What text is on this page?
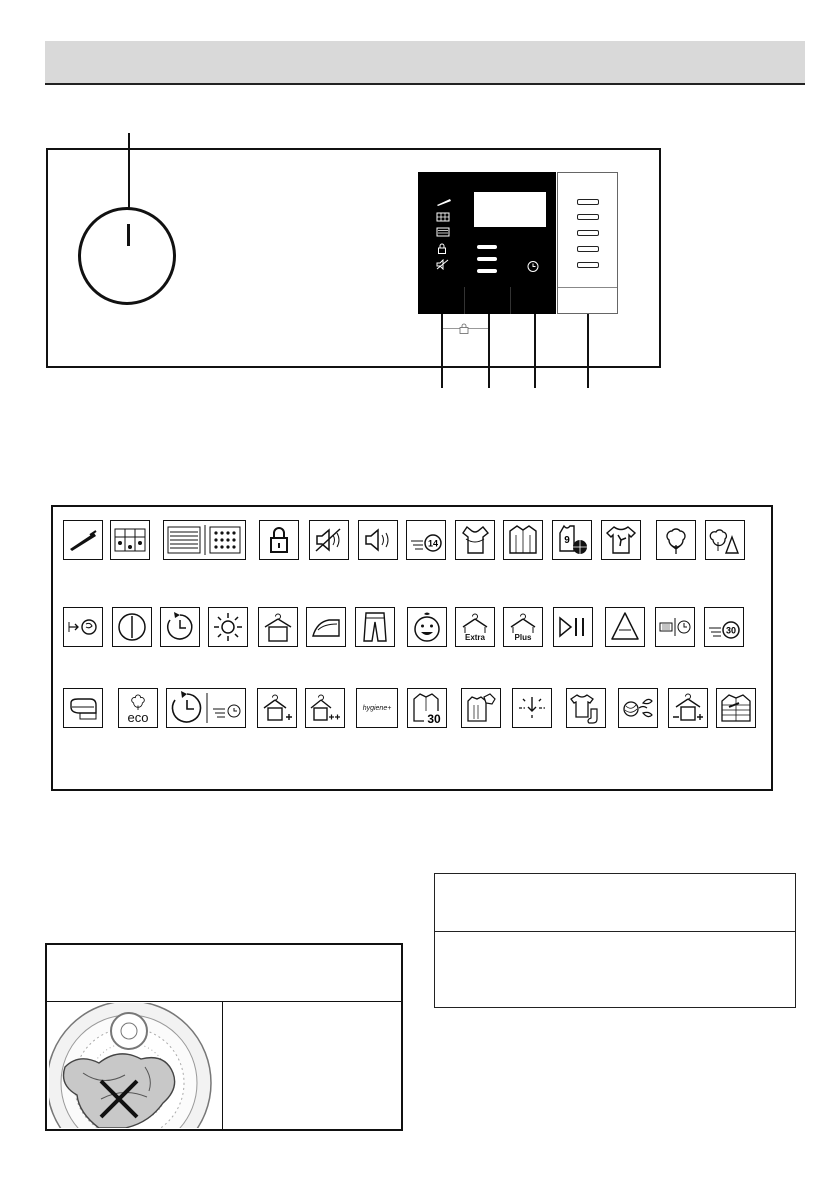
14	9
Extra	Plus
30
eco
hygiene+
30
